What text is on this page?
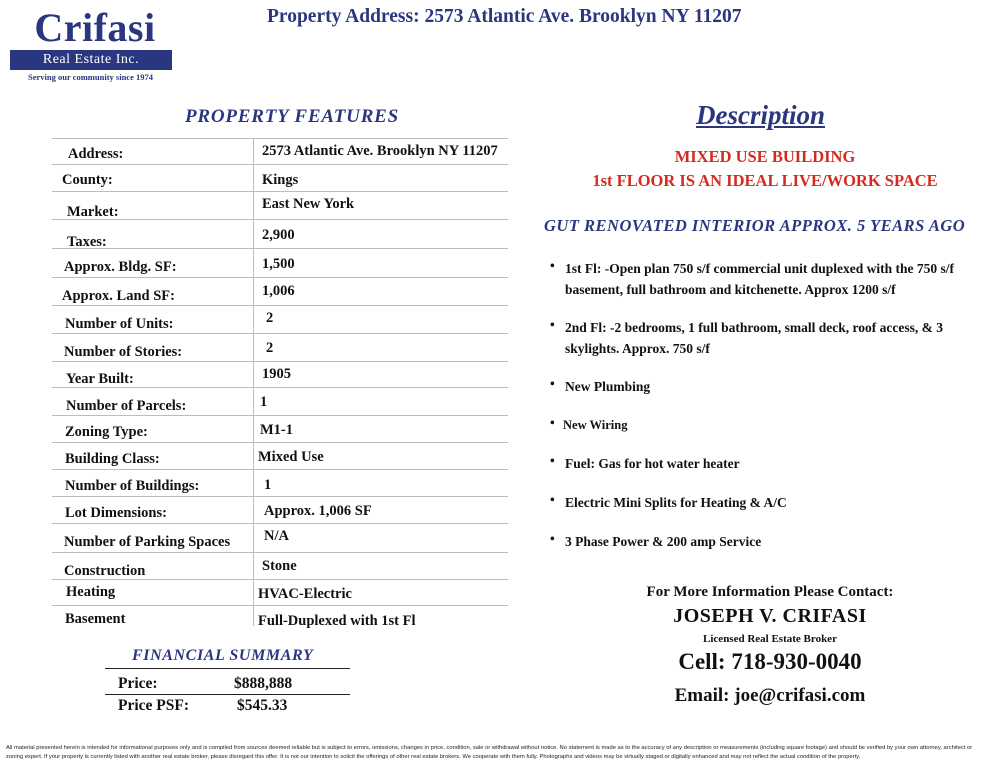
Crifasi
Real Estate Inc.
Serving our community since 1974
Property Address: 2573 Atlantic Ave. Brooklyn NY 11207
PROPERTY FEATURES
Address:	2573 Atlantic Ave. Brooklyn NY 11207
County:	Kings
Market:	East New York
Taxes:	2,900
Approx. Bldg. SF:	1,500
Approx. Land SF:	1,006
Number of Units:	2
Number of Stories:	2
Year Built:	1905
Number of Parcels:	1
Zoning Type:	M1-1
Building Class:	Mixed Use
Number of Buildings:	1
Lot Dimensions:	Approx. 1,006 SF
Number of Parking Spaces N/A
Construction	Stone
Heating	HVAC-Electric
Basement	Full-Duplexed with 1st Fl
FINANCIAL SUMMARY
Price:	$888,888
Price PSF:	$545.33
Description
MIXED USE BUILDING
1st FLOOR IS AN IDEAL LIVE/WORK SPACE
GUT RENOVATED INTERIOR APPROX. 5 YEARS AGO
• 1st Fl: -Open plan 750 s/f commercial unit duplexed with the 750 s/f basement, full bathroom and kitchenette. Approx 1200 s/f
• 2nd Fl: -2 bedrooms, 1 full bathroom, small deck, roof access, & 3 skylights. Approx. 750 s/f
• New Plumbing
• New Wiring
• Fuel: Gas for hot water heater
• Electric Mini Splits for Heating & A/C
• 3 Phase Power & 200 amp Service
For More Information Please Contact:
JOSEPH V. CRIFASI
Licensed Real Estate Broker
Cell: 718-930-0040
Email: joe@crifasi.com
All material presented herein is intended for informational purposes only and is compiled from sources deemed reliable but is subject to errors, omissions, changes in price, condition, sale or withdrawal without notice. No statement is made as to the accuracy of any description or measurements (including square footage) and should be verified by your own attorney, architect or zoning expert. If your property is currently listed with another real estate broker, please disregard this offer. It is not our intention to solicit the offerings of other real estate brokers. We cooperate with them fully. Photographs and videos may be virtually staged or digitally enhanced and may not reflect the actual condition of the property.
